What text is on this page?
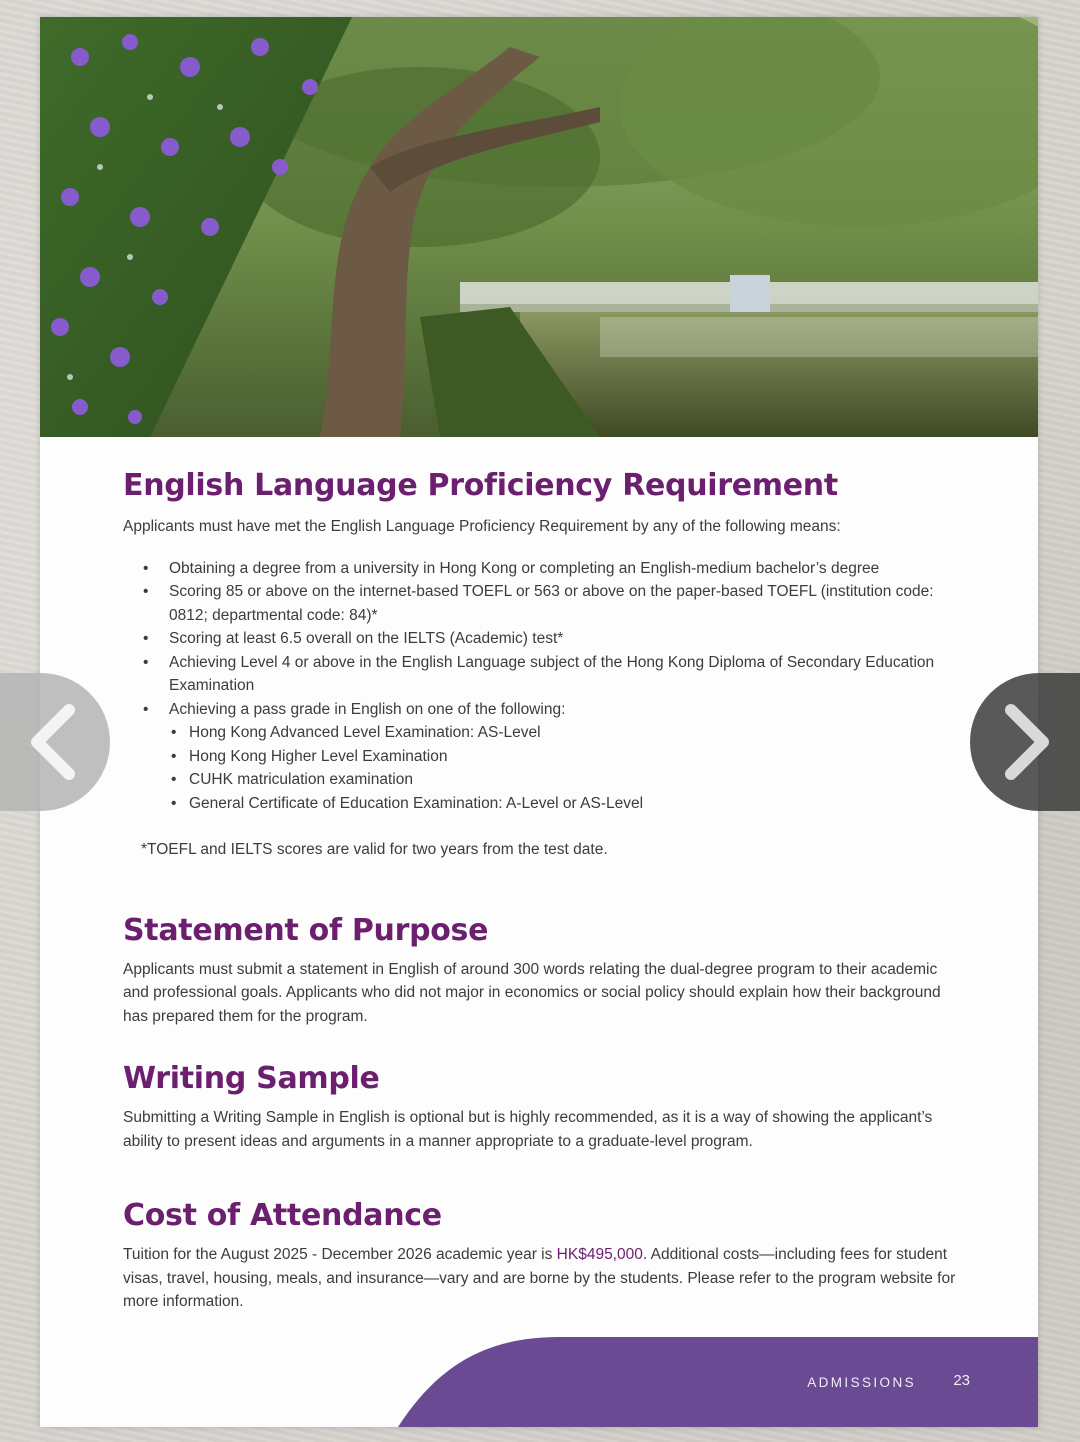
English Language Proficiency Requirement

Applicants must have met the English Language Proficiency Requirement by any of the following means:

• Obtaining a degree from a university in Hong Kong or completing an English-medium bachelor’s degree
• Scoring 85 or above on the internet-based TOEFL or 563 or above on the paper-based TOEFL (institution code: 0812; departmental code: 84)*
• Scoring at least 6.5 overall on the IELTS (Academic) test*
• Achieving Level 4 or above in the English Language subject of the Hong Kong Diploma of Secondary Education Examination
• Achieving a pass grade in English on one of the following:
• Hong Kong Advanced Level Examination: AS-Level
• Hong Kong Higher Level Examination
• CUHK matriculation examination
• General Certificate of Education Examination: A-Level or AS-Level

*TOEFL and IELTS scores are valid for two years from the test date.

Statement of Purpose

Applicants must submit a statement in English of around 300 words relating the dual-degree program to their academic and professional goals. Applicants who did not major in economics or social policy should explain how their background has prepared them for the program.

Writing Sample

Submitting a Writing Sample in English is optional but is highly recommended, as it is a way of showing the applicant’s ability to present ideas and arguments in a manner appropriate to a graduate-level program.

Cost of Attendance

Tuition for the August 2025 - December 2026 academic year is HK$495,000. Additional costs—including fees for student visas, travel, housing, meals, and insurance—vary and are borne by the students. Please refer to the program website for more information.

ADMISSIONS 23
